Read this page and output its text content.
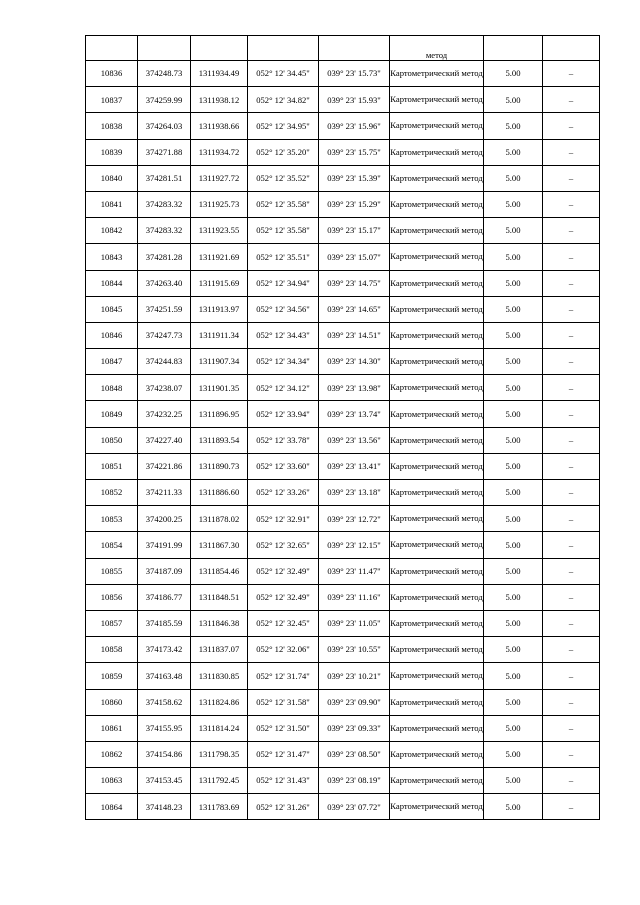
					метод		
10836	374248.73	1311934.49	052° 12' 34.45"	039° 23' 15.73"	Картометрический метод	5.00	–
10837	374259.99	1311938.12	052° 12' 34.82"	039° 23' 15.93"	Картометрический метод	5.00	–
10838	374264.03	1311938.66	052° 12' 34.95"	039° 23' 15.96"	Картометрический метод	5.00	–
10839	374271.88	1311934.72	052° 12' 35.20"	039° 23' 15.75"	Картометрический метод	5.00	–
10840	374281.51	1311927.72	052° 12' 35.52"	039° 23' 15.39"	Картометрический метод	5.00	–
10841	374283.32	1311925.73	052° 12' 35.58"	039° 23' 15.29"	Картометрический метод	5.00	–
10842	374283.32	1311923.55	052° 12' 35.58"	039° 23' 15.17"	Картометрический метод	5.00	–
10843	374281.28	1311921.69	052° 12' 35.51"	039° 23' 15.07"	Картометрический метод	5.00	–
10844	374263.40	1311915.69	052° 12' 34.94"	039° 23' 14.75"	Картометрический метод	5.00	–
10845	374251.59	1311913.97	052° 12' 34.56"	039° 23' 14.65"	Картометрический метод	5.00	–
10846	374247.73	1311911.34	052° 12' 34.43"	039° 23' 14.51"	Картометрический метод	5.00	–
10847	374244.83	1311907.34	052° 12' 34.34"	039° 23' 14.30"	Картометрический метод	5.00	–
10848	374238.07	1311901.35	052° 12' 34.12"	039° 23' 13.98"	Картометрический метод	5.00	–
10849	374232.25	1311896.95	052° 12' 33.94"	039° 23' 13.74"	Картометрический метод	5.00	–
10850	374227.40	1311893.54	052° 12' 33.78"	039° 23' 13.56"	Картометрический метод	5.00	–
10851	374221.86	1311890.73	052° 12' 33.60"	039° 23' 13.41"	Картометрический метод	5.00	–
10852	374211.33	1311886.60	052° 12' 33.26"	039° 23' 13.18"	Картометрический метод	5.00	–
10853	374200.25	1311878.02	052° 12' 32.91"	039° 23' 12.72"	Картометрический метод	5.00	–
10854	374191.99	1311867.30	052° 12' 32.65"	039° 23' 12.15"	Картометрический метод	5.00	–
10855	374187.09	1311854.46	052° 12' 32.49"	039° 23' 11.47"	Картометрический метод	5.00	–
10856	374186.77	1311848.51	052° 12' 32.49"	039° 23' 11.16"	Картометрический метод	5.00	–
10857	374185.59	1311846.38	052° 12' 32.45"	039° 23' 11.05"	Картометрический метод	5.00	–
10858	374173.42	1311837.07	052° 12' 32.06"	039° 23' 10.55"	Картометрический метод	5.00	–
10859	374163.48	1311830.85	052° 12' 31.74"	039° 23' 10.21"	Картометрический метод	5.00	–
10860	374158.62	1311824.86	052° 12' 31.58"	039° 23' 09.90"	Картометрический метод	5.00	–
10861	374155.95	1311814.24	052° 12' 31.50"	039° 23' 09.33"	Картометрический метод	5.00	–
10862	374154.86	1311798.35	052° 12' 31.47"	039° 23' 08.50"	Картометрический метод	5.00	–
10863	374153.45	1311792.45	052° 12' 31.43"	039° 23' 08.19"	Картометрический метод	5.00	–
10864	374148.23	1311783.69	052° 12' 31.26"	039° 23' 07.72"	Картометрический метод	5.00	–
